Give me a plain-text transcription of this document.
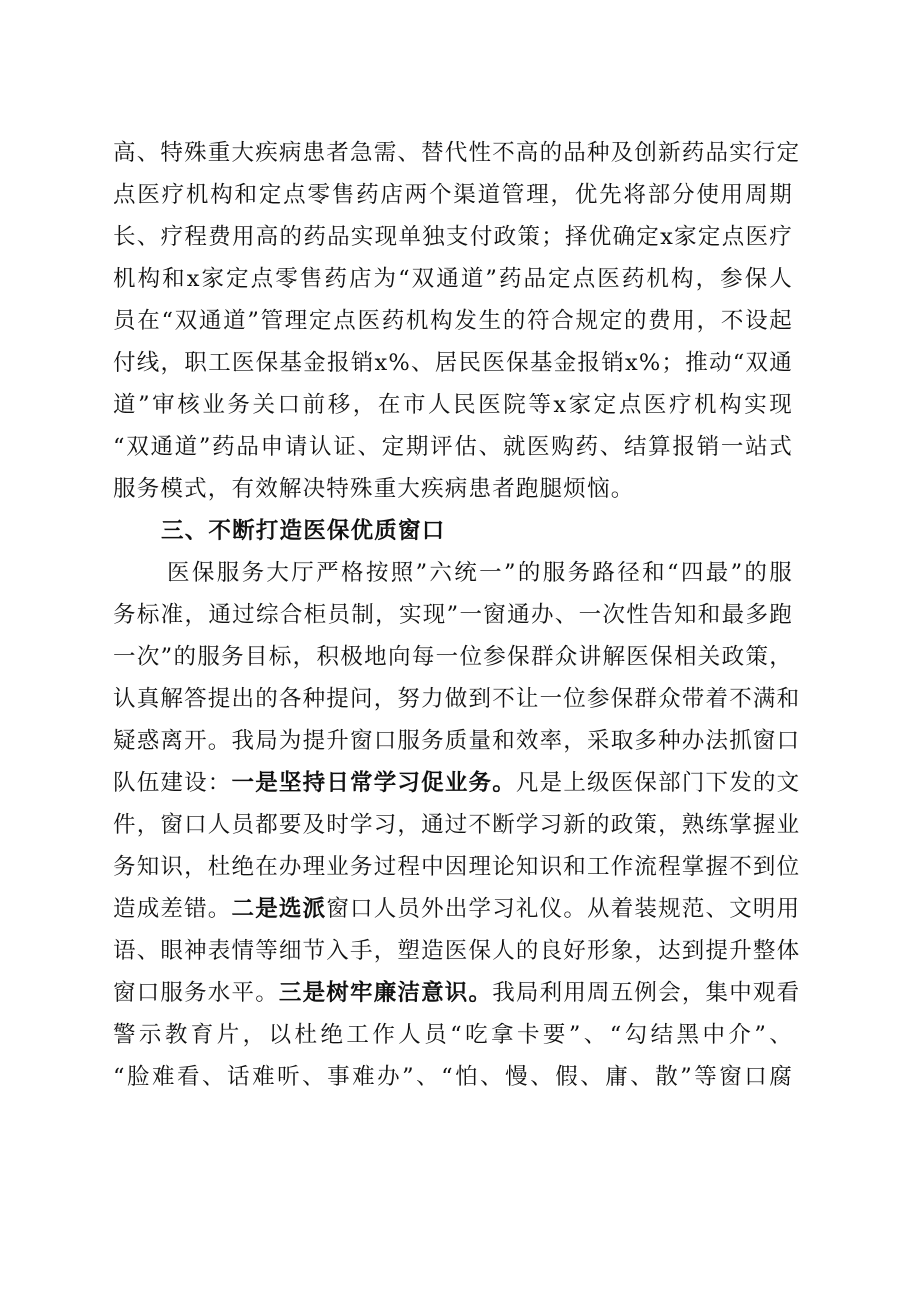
高、特殊重大疾病患者急需、替代性不高的品种及创新药品实行定
点医疗机构和定点零售药店两个渠道管理，优先将部分使用周期
长、疗程费用高的药品实现单独支付政策；择优确定x家定点医疗
机构和x家定点零售药店为“双通道”药品定点医药机构，参保人
员在“双通道”管理定点医药机构发生的符合规定的费用，不设起
付线，职工医保基金报销x%、居民医保基金报销x%；推动“双通
道”审核业务关口前移，在市人民医院等x家定点医疗机构实现
“双通道”药品申请认证、定期评估、就医购药、结算报销一站式
服务模式，有效解决特殊重大疾病患者跑腿烦恼。
三、不断打造医保优质窗口
医保服务大厅严格按照”六统一”的服务路径和“四最”的服
务标准，通过综合柜员制，实现”一窗通办、一次性告知和最多跑
一次”的服务目标，积极地向每一位参保群众讲解医保相关政策，
认真解答提出的各种提问，努力做到不让一位参保群众带着不满和
疑惑离开。我局为提升窗口服务质量和效率，采取多种办法抓窗口
队伍建设：一是坚持日常学习促业务。凡是上级医保部门下发的文
件，窗口人员都要及时学习，通过不断学习新的政策，熟练掌握业
务知识，杜绝在办理业务过程中因理论知识和工作流程掌握不到位
造成差错。二是选派窗口人员外出学习礼仪。从着装规范、文明用
语、眼神表情等细节入手，塑造医保人的良好形象，达到提升整体
窗口服务水平。三是树牢廉洁意识。我局利用周五例会，集中观看
警示教育片，以杜绝工作人员“吃拿卡要”、“勾结黑中介”、
“脸难看、话难听、事难办”、“怕、慢、假、庸、散”等窗口腐
